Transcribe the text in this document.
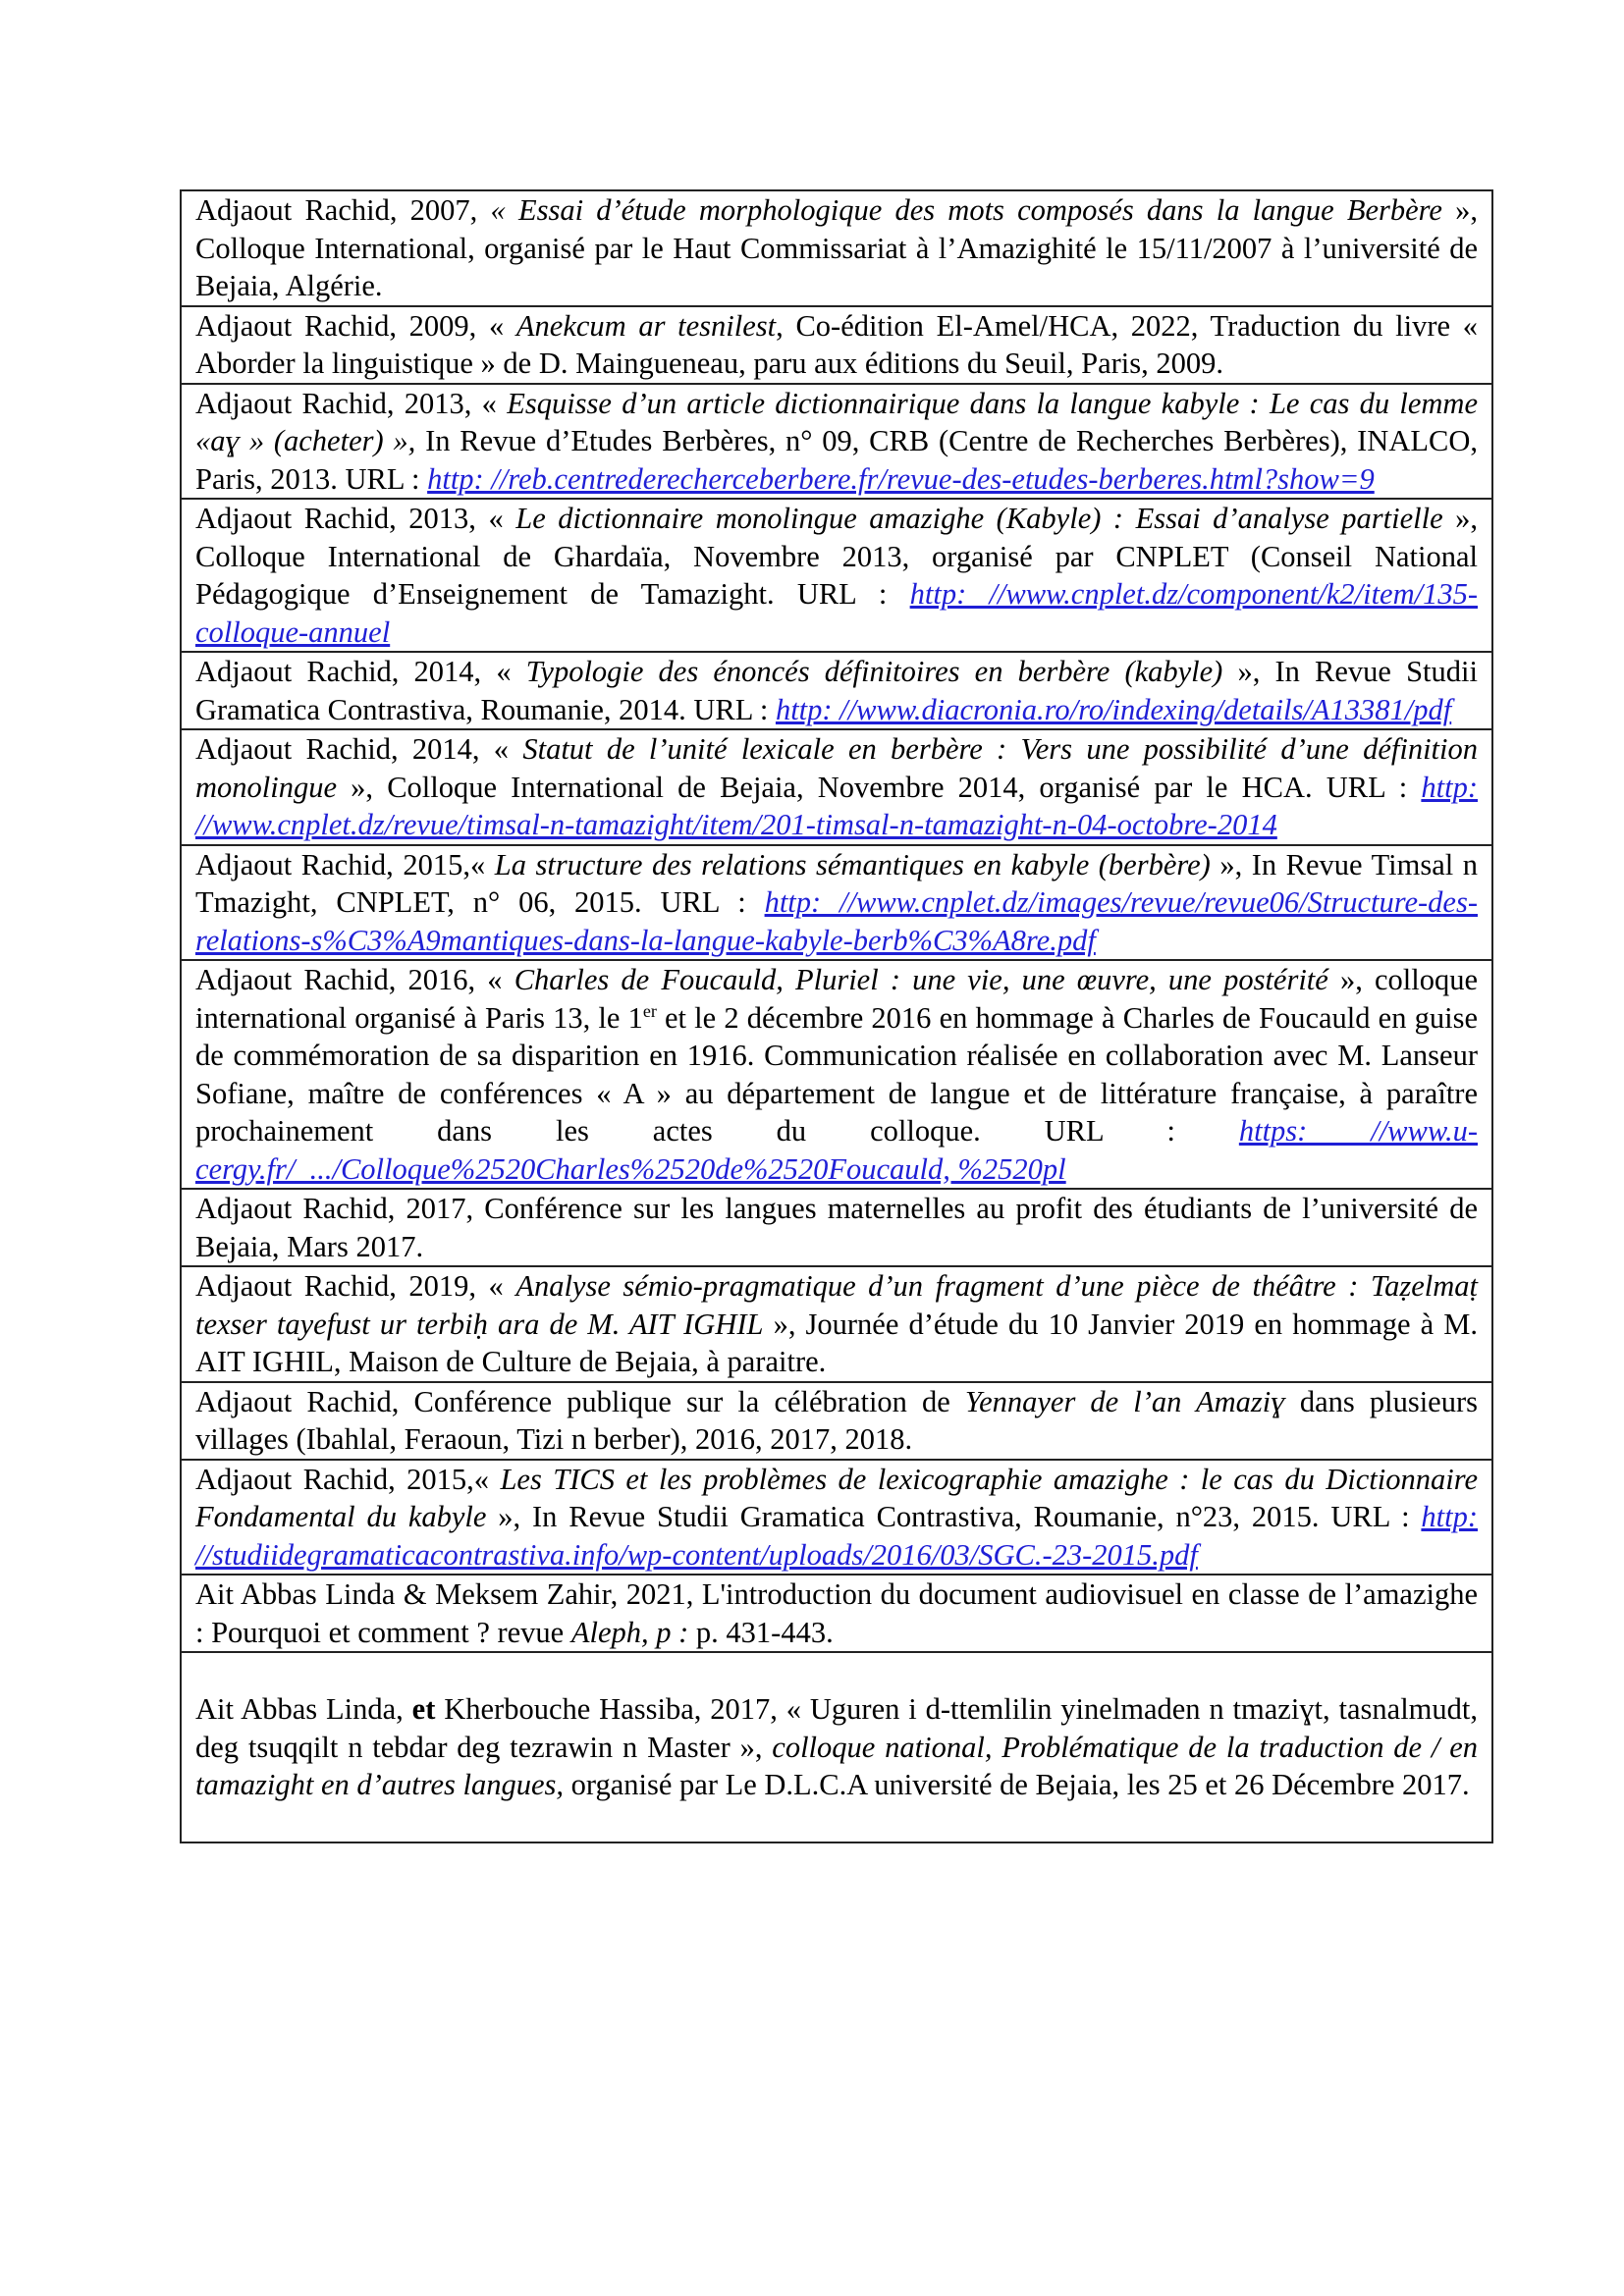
Adjaout Rachid, 2007, « Essai d’étude morphologique des mots composés dans la langue Berbère », Colloque International, organisé par le Haut Commissariat à l’Amazighité le 15/11/2007 à l’université de Bejaia, Algérie.
Adjaout Rachid, 2009, « Anekcum ar tesnilest, Co-édition El-Amel/HCA, 2022, Traduction du livre « Aborder la linguistique » de D. Maingueneau, paru aux éditions du Seuil, Paris, 2009.
Adjaout Rachid, 2013, « Esquisse d’un article dictionnairique dans la langue kabyle : Le cas du lemme «aɣ » (acheter) », In Revue d’Etudes Berbères, n° 09, CRB (Centre de Recherches Berbères), INALCO, Paris, 2013. URL : http: //reb.centrederecherceberbere.fr/revue-des-etudes-berberes.html?show=9
Adjaout Rachid, 2013, « Le dictionnaire monolingue amazighe (Kabyle) : Essai d’analyse partielle », Colloque International de Ghardaïa, Novembre 2013, organisé par CNPLET (Conseil National Pédagogique d’Enseignement de Tamazight. URL : http: //www.cnplet.dz/component/k2/item/135-colloque-annuel
Adjaout Rachid, 2014, « Typologie des énoncés définitoires en berbère (kabyle) », In Revue Studii Gramatica Contrastiva, Roumanie, 2014. URL : http: //www.diacronia.ro/ro/indexing/details/A13381/pdf
Adjaout Rachid, 2014, « Statut de l’unité lexicale en berbère : Vers une possibilité d’une définition monolingue », Colloque International de Bejaia, Novembre 2014, organisé par le HCA. URL : http: //www.cnplet.dz/revue/timsal-n-tamazight/item/201-timsal-n-tamazight-n-04-octobre-2014
Adjaout Rachid, 2015,« La structure des relations sémantiques en kabyle (berbère) », In Revue Timsal n Tmazight, CNPLET, n° 06, 2015. URL : http: //www.cnplet.dz/images/revue/revue06/Structure-des-relations-s%C3%A9mantiques-dans-la-langue-kabyle-berb%C3%A8re.pdf
Adjaout Rachid, 2016, « Charles de Foucauld, Pluriel : une vie, une œuvre, une postérité », colloque international organisé à Paris 13, le 1er et le 2 décembre 2016 en hommage à Charles de Foucauld en guise de commémoration de sa disparition en 1916. Communication réalisée en collaboration avec M. Lanseur Sofiane, maître de conférences « A » au département de langue et de littérature française, à paraître prochainement dans les actes du colloque. URL : https: //www.u-cergy.fr/_.../Colloque%2520Charles%2520de%2520Foucauld, %2520pl
Adjaout Rachid, 2017, Conférence sur les langues maternelles au profit des étudiants de l’université de Bejaia, Mars 2017.
Adjaout Rachid, 2019, « Analyse sémio-pragmatique d’un fragment d’une pièce de théâtre : Taẓelmaṭ texser tayefust ur terbiḥ ara de M. AIT IGHIL », Journée d’étude du 10 Janvier 2019 en hommage à M. AIT IGHIL, Maison de Culture de Bejaia, à paraitre.
Adjaout Rachid, Conférence publique sur la célébration de Yennayer de l’an Amaziɣ dans plusieurs villages (Ibahlal, Feraoun, Tizi n berber), 2016, 2017, 2018.
Adjaout Rachid, 2015,« Les TICS et les problèmes de lexicographie amazighe : le cas du Dictionnaire Fondamental du kabyle », In Revue Studii Gramatica Contrastiva, Roumanie, n°23, 2015. URL : http: //studiidegramaticacontrastiva.info/wp-content/uploads/2016/03/SGC.-23-2015.pdf
Ait Abbas Linda & Meksem Zahir, 2021, L'introduction du document audiovisuel en classe de l’amazighe : Pourquoi et comment ? revue Aleph, p : p. 431-443.
Ait Abbas Linda, et Kherbouche Hassiba, 2017, « Uguren i d-ttemlilin yinelmaden n tmaziɣt, tasnalmudt, deg tsuqqilt n tebdar deg tezrawin n Master », colloque national, Problématique de la traduction de / en tamazight en d’autres langues, organisé par Le D.L.C.A université de Bejaia, les 25 et 26 Décembre 2017.
